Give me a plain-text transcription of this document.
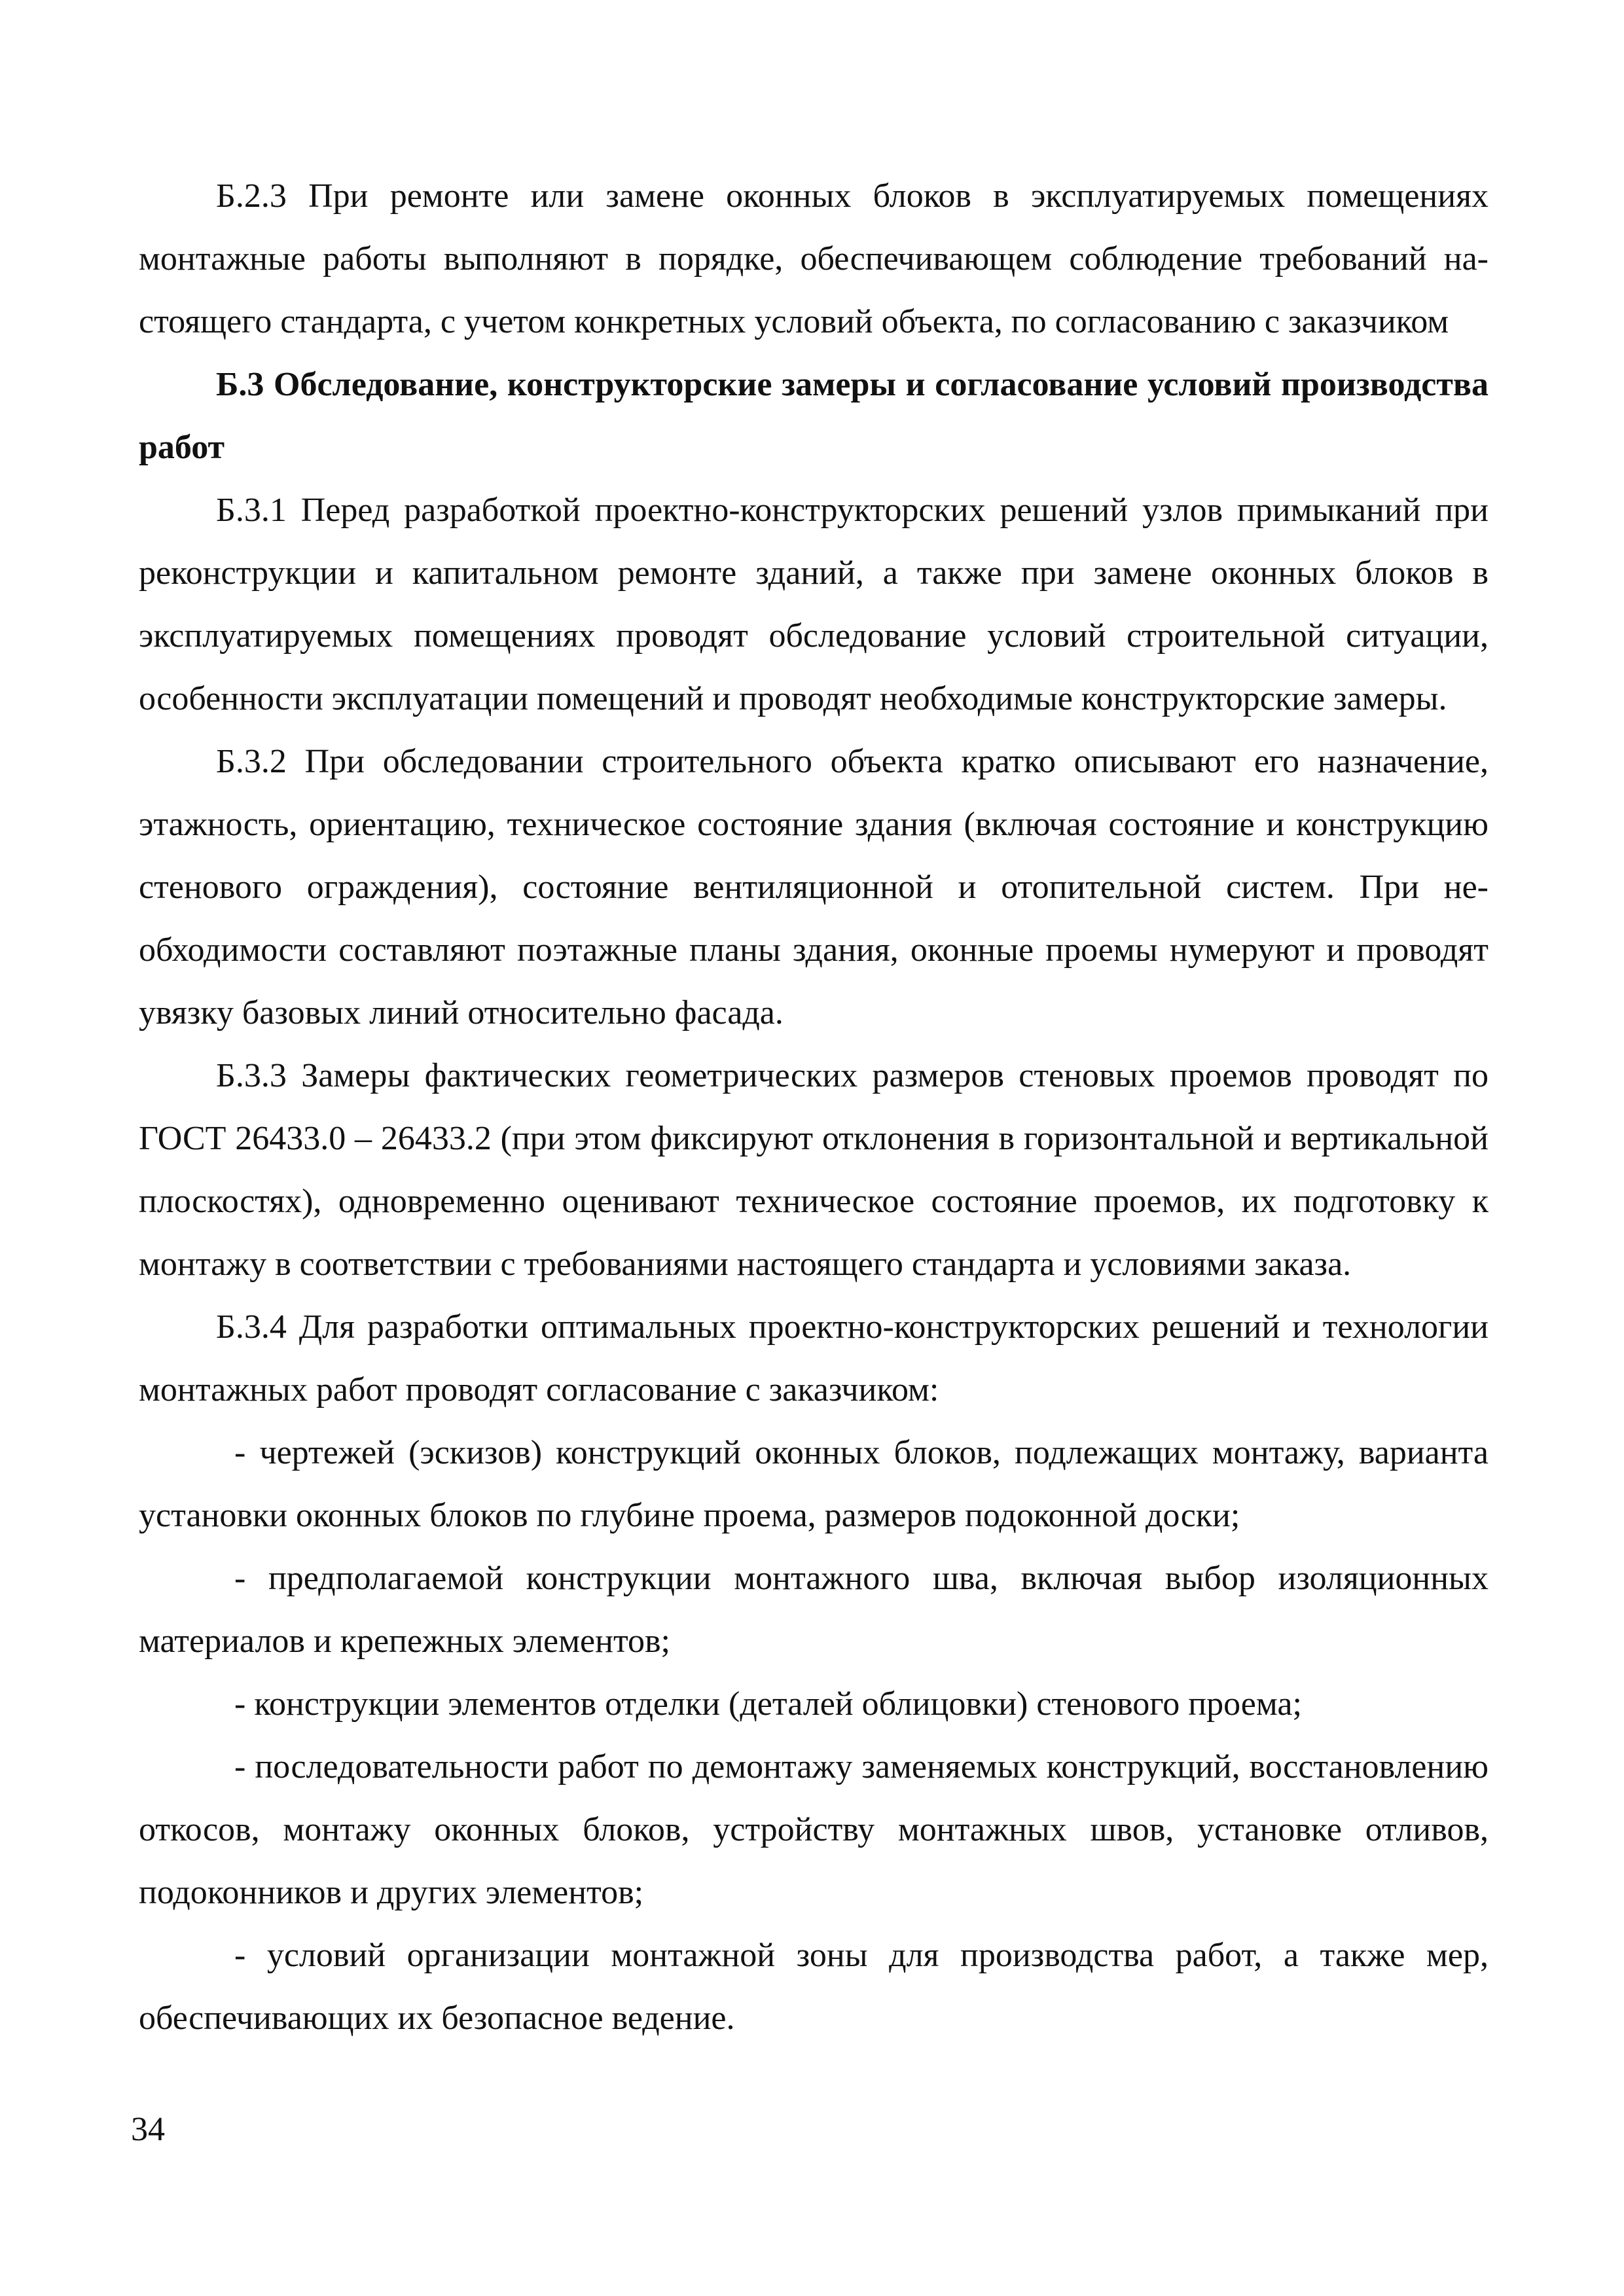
Б.2.3 При ремонте или замене оконных блоков в эксплуатируемых помещениях монтажные работы выполняют в порядке, обеспечивающем соблюдение требований настоящего стандарта, с учетом конкретных условий объекта, по согласованию с заказчиком

Б.3 Обследование, конструкторские замеры и согласование условий производства работ

Б.3.1 Перед разработкой проектно-конструкторских решений узлов примыканий при реконструкции и капитальном ремонте зданий, а также при замене оконных блоков в эксплуатируемых помещениях проводят обследование условий строительной ситуации, особенности эксплуатации помещений и проводят необходимые конструкторские замеры.

Б.3.2 При обследовании строительного объекта кратко описывают его назначение, этажность, ориентацию, техническое состояние здания (включая состояние и конструкцию стенового ограждения), состояние вентиляционной и отопительной систем. При необходимости составляют поэтажные планы здания, оконные проемы нумеруют и проводят увязку базовых линий относительно фасада.

Б.3.3 Замеры фактических геометрических размеров стеновых проемов проводят по ГОСТ 26433.0 – 26433.2 (при этом фиксируют отклонения в горизонтальной и вертикальной плоскостях), одновременно оценивают техническое состояние проемов, их подготовку к монтажу в соответствии с требованиями настоящего стандарта и условиями заказа.

Б.3.4 Для разработки оптимальных проектно-конструкторских решений и технологии монтажных работ проводят согласование с заказчиком:

- чертежей (эскизов) конструкций оконных блоков, подлежащих монтажу, варианта установки оконных блоков по глубине проема, размеров подоконной доски;

- предполагаемой конструкции монтажного шва, включая выбор изоляционных материалов и крепежных элементов;

- конструкции элементов отделки (деталей облицовки) стенового проема;

- последовательности работ по демонтажу заменяемых конструкций, восстановлению откосов, монтажу оконных блоков, устройству монтажных швов, установке отливов, подоконников и других элементов;

- условий организации монтажной зоны для производства работ, а также мер, обеспечивающих их безопасное ведение.

34
